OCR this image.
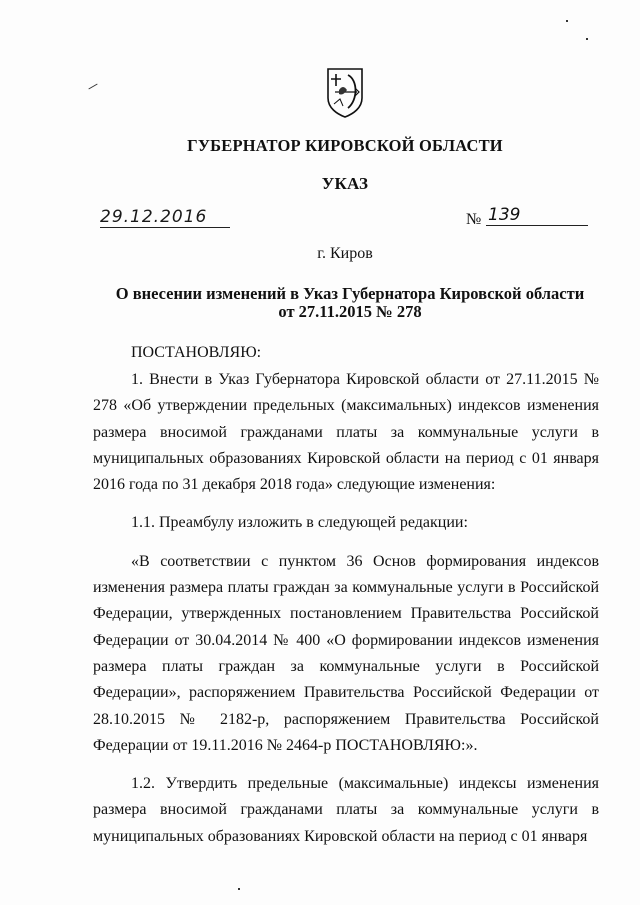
ГУБЕРНАТОР КИРОВСКОЙ ОБЛАСТИ
УКАЗ
29.12.2016	№ 139
г. Киров
О внесении изменений в Указ Губернатора Кировской области
от 27.11.2015 № 278
ПОСТАНОВЛЯЮ:

1. Внести в Указ Губернатора Кировской области от 27.11.2015 № 278 «Об утверждении предельных (максимальных) индексов изменения размера вносимой гражданами платы за коммунальные услуги в муниципальных образованиях Кировской области на период с 01 января 2016 года по 31 декабря 2018 года» следующие изменения:

1.1. Преамбулу изложить в следующей редакции:

«В соответствии с пунктом 36 Основ формирования индексов изменения размера платы граждан за коммунальные услуги в Российской Федерации, утвержденных постановлением Правительства Российской Федерации от 30.04.2014 № 400 «О формировании индексов изменения размера платы граждан за коммунальные услуги в Российской Федерации», распоряжением Правительства Российской Федерации от 28.10.2015 № 2182-р, распоряжением Правительства Российской Федерации от 19.11.2016 № 2464-р ПОСТАНОВЛЯЮ:».

1.2. Утвердить предельные (максимальные) индексы изменения размера вносимой гражданами платы за коммунальные услуги в муниципальных образованиях Кировской области на период с 01 января
